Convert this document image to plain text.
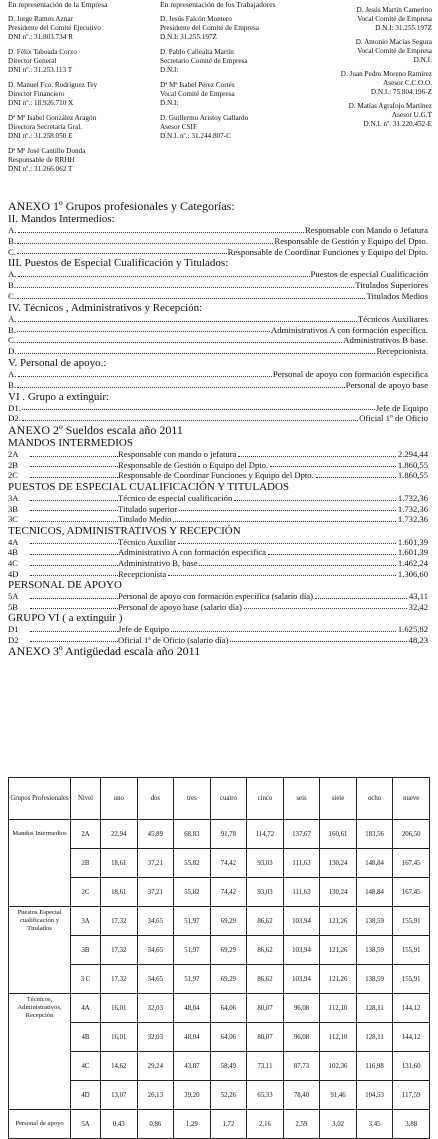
En representación de la Empresa
D. Jorge Ramos Aznar
Presidente del Comité Ejecutivo
DNI nº.: 31.803.734 R
D. Félix Taboada Corzo
Director General
DNI nº.: 31.253.113 T
D. Manuel Fco. Rodríguez Tey
Director Financiero
DNI nº.: 18.926.710 X
Dª Mª Isabel González Aragón
Directora Secretaría Gral.
DNI nº.: 31.258.050 E
Dª Mª José Cantillo Donda
Responsable de RRHH
DNI nº.: 31.266.062 T
En representación de los Trabajadores
D. Jesús Falcón Montero
Presidente del Comité de Empresa
D.N.I: 31.255.197Z
D. Pablo Callealta Martín
Secretario Comité de Empresa
D.N.I:
Dª Mª Isabel Pérez Cortés
Vocal Comité de Empresa
D.N.I:
D. Guillermo Aristoy Gallardo
Asesor CSIF
D.N.I. nº.: 31.244.807-C
D. Jesús Martín Camerino
Vocal Comité de Empresa
D.N.I: 31.255.197Z
D. Antonio Macías Segura
Vocal Comité de Empresa
D.N.I:
D. Juan Pedro Moreno Ramírez
Asesor C.C.O.O.
D.N.I.: 75.804.196-Z
D. Matías Agrafojo Martínez
Asesor U.G.T
D.N.I. nº. 31.220.452-E
ANEXO 1º Grupos profesionales y Categorías:
II. Mandos Intermedios:
A.	Responsable con Mando o Jefatura
B.	Responsable de Gestión y Equipo del Dpto.
C.	Responsable de Coordinar Funciones y Equipo del Dpto.
III. Puestos de Especial Cualificación y Titulados:
A.	Puestos de especial Cualificación
B.	Titulados Superiores
C.	Titulados Medios
IV. Técnicos , Administrativos y Recepción:
A.	Técnicos Auxiliares
B.	Administrativos A con formación específica.
C.	Administrativos B base.
D.	Recepcionista.
V. Personal de apoyo.:
A.	Personal de apoyo con formación específica
B.	Personal de apoyo base
VI . Grupo a extinguir:
D1.	Jefe de Equipo
D2.	Oficial 1º de Oficio
ANEXO 2º Sueldos escala año 2011
MANDOS INTERMEDIOS
2A	Responsable con mando o jefatura	2.294,44
2B	Responsable de Gestión o Equipo del Dpto.	1.860,55
2C	Responsable de Coordinar Funciones y Equipo del Dpto.	1.860,55
PUESTOS DE ESPECIAL CUALIFICACIÓN Y TITULADOS
3A	Técnico de especial cualificación	1.732,36
3B	Titulado superior	1.732,36
3C	Titulado Medio	1.732,36
TECNICOS, ADMINISTRATIVOS Y RECEPCIÓN
4A	Técnico Auxiliar	1.601,39
4B	Administrativo A con formación especifica	1.601,39
4C	Administrativo B, base	1.462,24
4D	Recepcionista	1.306,60
PERSONAL DE APOYO
5A	Personal de apoyo con formación específica (salario día)	43,11
5B	Personal de apoyo base (salario día)	32,42
GRUPO VI ( a extinguir )
D1	Jefe de Equipo	1.625,82
D2	Oficial 1ª de Oficio (salario día)	48,23
ANEXO 3º Antigüedad escala año 2011
Grupos Profesionales	Nivel	uno	dos	tres	cuatro	cinco	seis	siete	ocho	nueve
Mandos Intermedios	2A	22,94	45,89	68,83	91,78	114,72	137,67	160,61	183,56	206,50
	2B	18,61	37,21	55,82	74,42	93,03	111,63	130,24	148,84	167,45
	2C	18,61	37,21	55,82	74,42	93,03	111,63	130,24	148,84	167,45
Puestos Especial cualificación y Titulados	3A	17,32	34,65	51,97	69,29	86,62	103,94	121,26	138,59	155,91
	3B	17,32	34,65	51,97	69,29	86,62	103,94	121,26	138,59	155,91
	3 C	17,32	34,65	51,97	69,29	86,62	103,94	121,26	138,59	155,91
Técnicos, Administrativos, Recepción	4A	16,01	32,03	48,04	64,06	80,07	96,08	112,10	128,11	144,12
	4B	16,01	32,03	48,04	64,06	80,07	96,08	112,10	128,11	144,12
	4C	14,62	29,24	43,87	58,49	73,11	87,73	102,36	116,98	131,60
	4D	13,07	26,13	39,20	52,26	65,33	78,40	91,46	104,53	117,59
Personal de apoyo	5A	0,43	0,86	1,29	1,72	2,16	2,59	3,02	3,45	3,88
